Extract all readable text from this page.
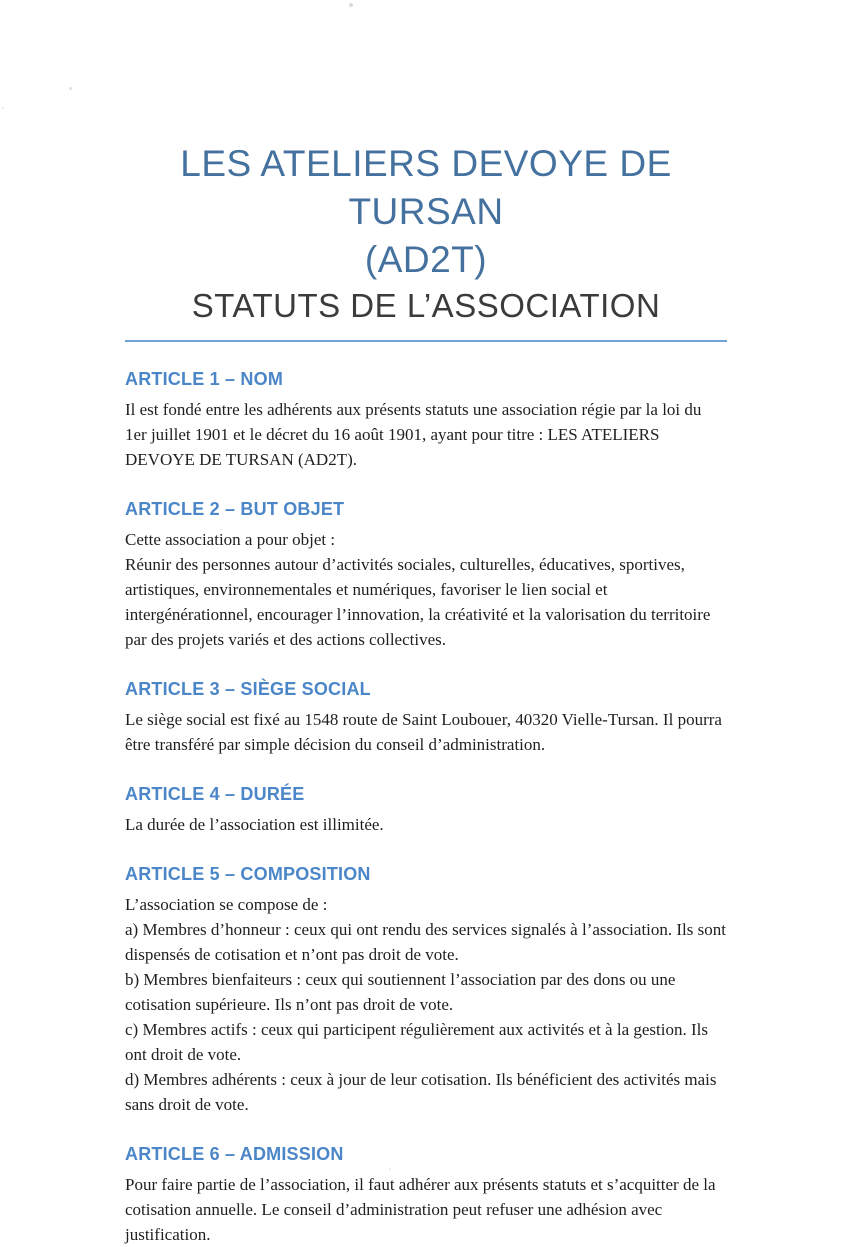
LES ATELIERS DEVOYE DE TURSAN
(AD2T)
STATUTS DE L’ASSOCIATION
ARTICLE 1 – NOM

Il est fondé entre les adhérents aux présents statuts une association régie par la loi du 1er juillet 1901 et le décret du 16 août 1901, ayant pour titre : LES ATELIERS DEVOYE DE TURSAN (AD2T).

ARTICLE 2 – BUT OBJET

Cette association a pour objet :

Réunir des personnes autour d’activités sociales, culturelles, éducatives, sportives, artistiques, environnementales et numériques, favoriser le lien social et intergénérationnel, encourager l’innovation, la créativité et la valorisation du territoire par des projets variés et des actions collectives.

ARTICLE 3 – SIÈGE SOCIAL

Le siège social est fixé au 1548 route de Saint Loubouer, 40320 Vielle-Tursan. Il pourra être transféré par simple décision du conseil d’administration.

ARTICLE 4 – DURÉE

La durée de l’association est illimitée.

ARTICLE 5 – COMPOSITION

L’association se compose de :

a) Membres d’honneur : ceux qui ont rendu des services signalés à l’association. Ils sont dispensés de cotisation et n’ont pas droit de vote.

b) Membres bienfaiteurs : ceux qui soutiennent l’association par des dons ou une cotisation supérieure. Ils n’ont pas droit de vote.

c) Membres actifs : ceux qui participent régulièrement aux activités et à la gestion. Ils ont droit de vote.

d) Membres adhérents : ceux à jour de leur cotisation. Ils bénéficient des activités mais sans droit de vote.

ARTICLE 6 – ADMISSION

Pour faire partie de l’association, il faut adhérer aux présents statuts et s’acquitter de la cotisation annuelle. Le conseil d’administration peut refuser une adhésion avec justification.
